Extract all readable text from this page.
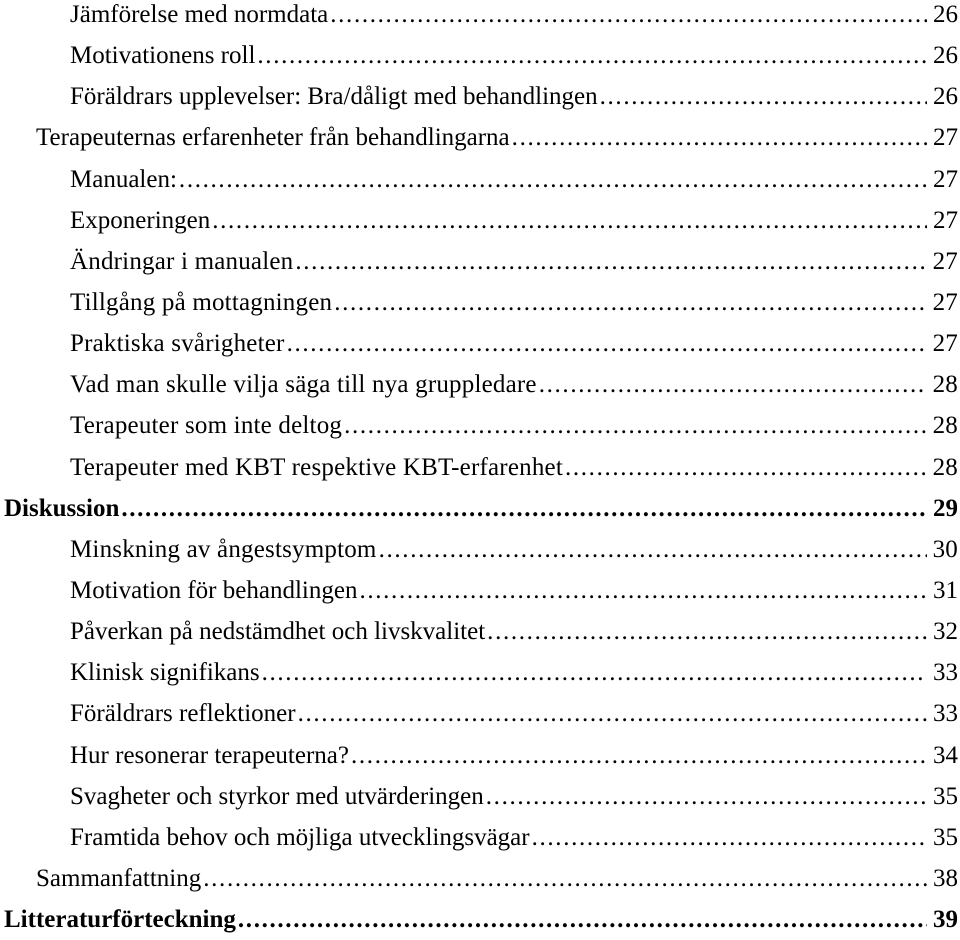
Jämförelse med normdata . . .	26
Motivationens roll . . .	26
Föräldrars upplevelser: Bra/dåligt med behandlingen . . .	26
Terapeuternas erfarenheter från behandlingarna . . .	27
Manualen: . . .	27
Exponeringen . . .	27
Ändringar i manualen . . .	27
Tillgång på mottagningen . . .	27
Praktiska svårigheter . . .	27
Vad man skulle vilja säga till nya gruppledare . . .	28
Terapeuter som inte deltog . . .	28
Terapeuter med KBT respektive KBT-erfarenhet . . .	28
Diskussion . . .	29
Minskning av ångestsymptom . . .	30
Motivation för behandlingen . . .	31
Påverkan på nedstämdhet och livskvalitet . . .	32
Klinisk signifikans . . .	33
Föräldrars reflektioner . . .	33
Hur resonerar terapeuterna? . . .	34
Svagheter och styrkor med utvärderingen . . .	35
Framtida behov och möjliga utvecklingsvägar . . .	35
Sammanfattning . . .	38
Litteraturförteckning . . .	39
